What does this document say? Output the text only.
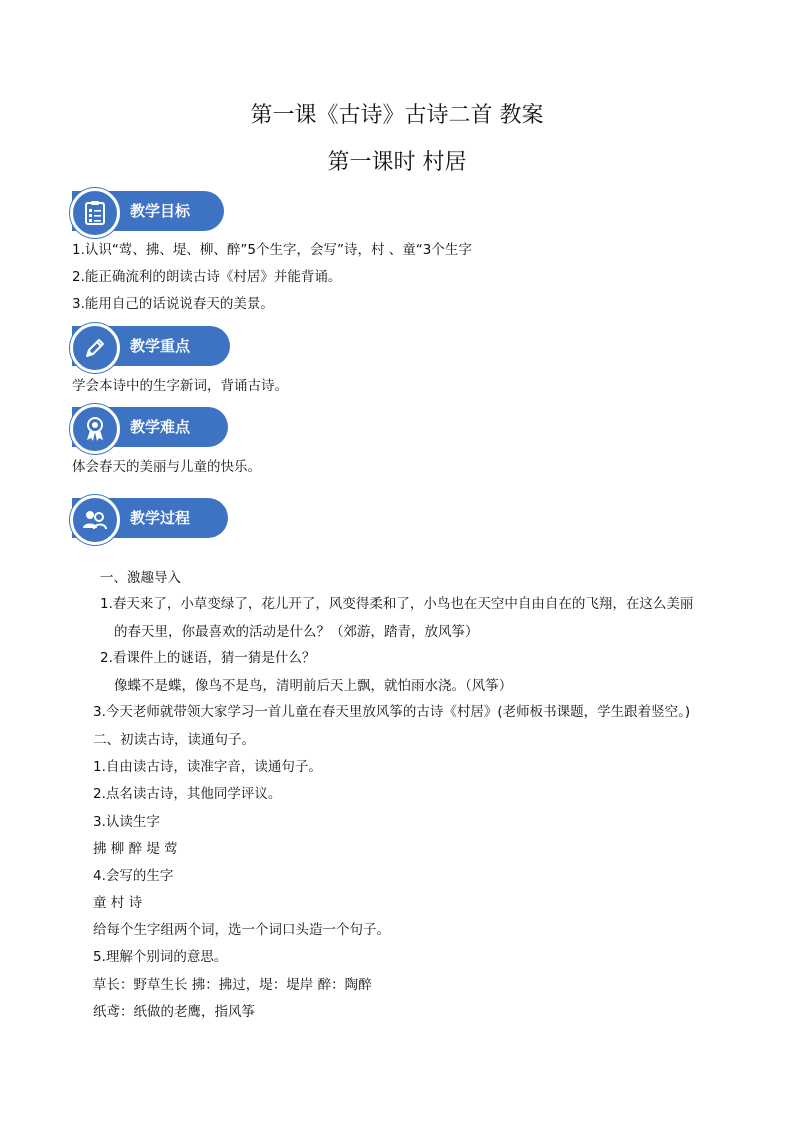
第一课《古诗》古诗二首 教案
第一课时 村居
教学目标
1.认识“莺、拂、堤、柳、醉”5个生字，会写”诗，村 、童“3个生字
2.能正确流利的朗读古诗《村居》并能背诵。
3.能用自己的话说说春天的美景。
教学重点
学会本诗中的生字新词，背诵古诗。
教学难点
体会春天的美丽与儿童的快乐。
教学过程
一、激趣导入
1.春天来了，小草变绿了，花儿开了，风变得柔和了，小鸟也在天空中自由自在的飞翔，在这么美丽
的春天里，你最喜欢的活动是什么？（郊游，踏青，放风筝）
2.看课件上的谜语，猜一猜是什么？
像蝶不是蝶，像鸟不是鸟，清明前后天上飘，就怕雨水浇。（风筝）
3.今天老师就带领大家学习一首儿童在春天里放风筝的古诗《村居》(老师板书课题，学生跟着竖空。)
二、初读古诗，读通句子。
1.自由读古诗，读准字音，读通句子。
2.点名读古诗，其他同学评议。
3.认读生字
拂 柳 醉 堤 莺
4.会写的生字
童 村 诗
给每个生字组两个词，选一个词口头造一个句子。
5.理解个别词的意思。
草长：野草生长 拂：拂过，堤：堤岸 醉：陶醉
纸鸢：纸做的老鹰，指风筝
